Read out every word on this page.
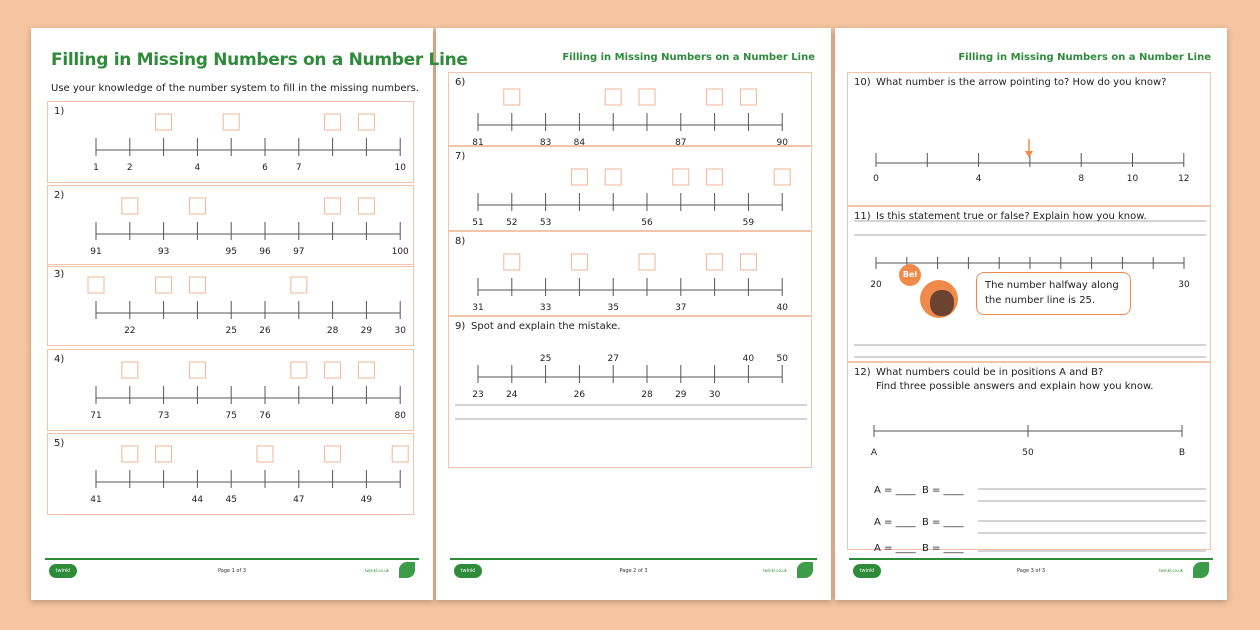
Filling in Missing Numbers on a Number Line
Use your knowledge of the number system to fill in the missing numbers.
1)
1	2	4	6	7	10
2)
91	93	95 96 97	100
3)
22	25 26	28 29 30
4)
71	73	75 76	80
5)
41	44 45	47	49
twinkl	Page 1 of 3	twinkl.co.uk
Filling in Missing Numbers on a Number Line
6)
81	83 84	87	90
7)
51 52 53	56	59
8)
31	33	35	37	40
9) Spot and explain the mistake.
23 24
25
26
27
28 29 30
40 50
twinkl	Page 2 of 3	twinkl.co.uk
Filling in Missing Numbers on a Number Line
10) What number is the arrow pointing to? How do you know?
0	4	8	10	12
11) Is this statement true or false? Explain how you know.
20	30
Bel
The number halfway along the number line is 25.
12) What numbers could be in positions A and B?
Find three possible answers and explain how you know.
A	50	B
A = ____ B = ____
A = ____ B = ____
A = ____ B = ____
twinkl	Page 3 of 3	twinkl.co.uk
